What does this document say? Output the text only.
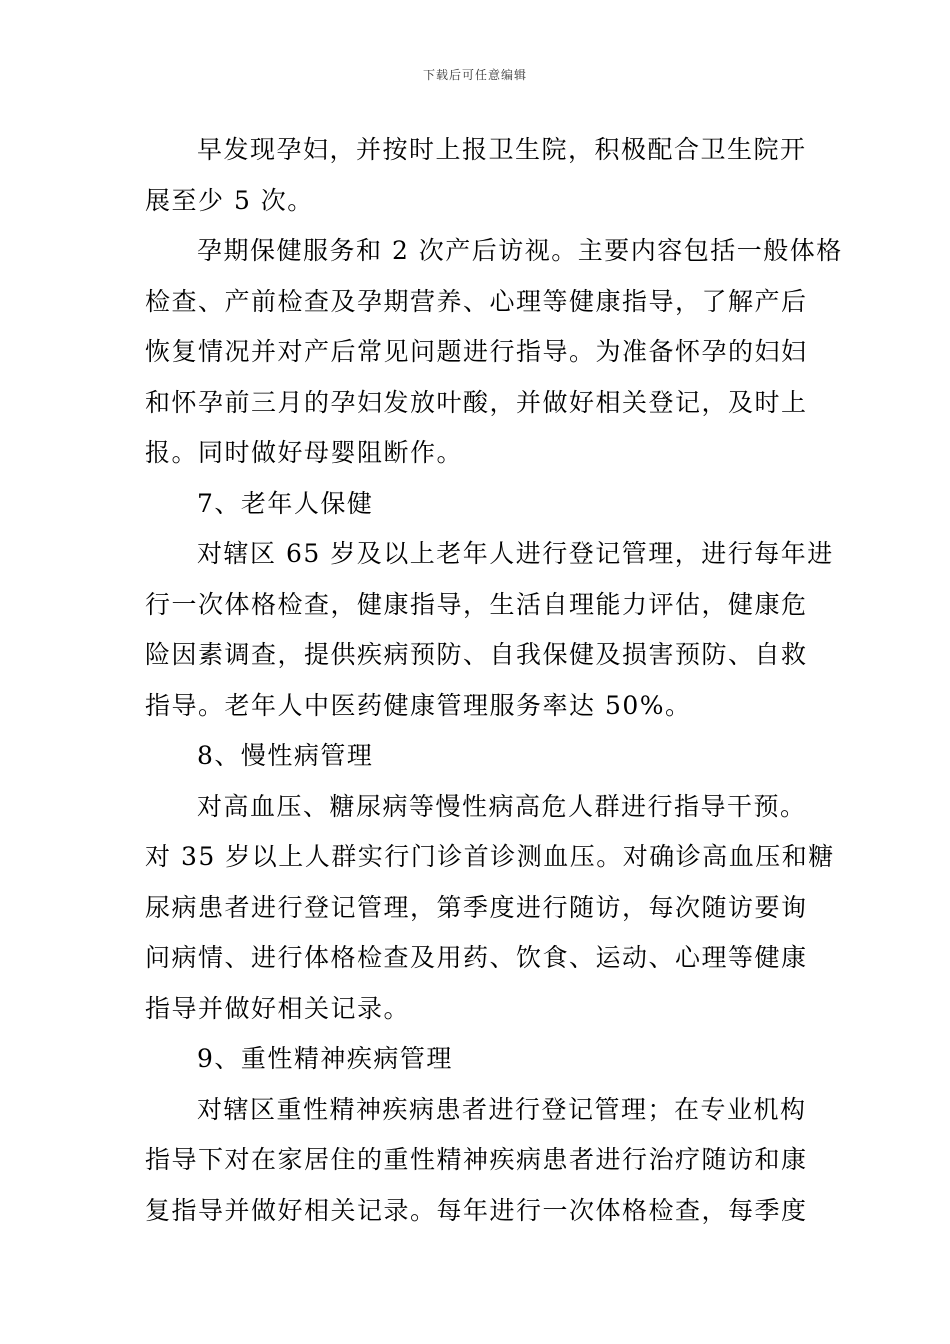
下载后可任意编辑
早发现孕妇，并按时上报卫生院，积极配合卫生院开
展至少 5 次。
孕期保健服务和 2 次产后访视。主要内容包括一般体格
检查、产前检查及孕期营养、心理等健康指导，了解产后
恢复情况并对产后常见问题进行指导。为准备怀孕的妇妇
和怀孕前三月的孕妇发放叶酸，并做好相关登记，及时上
报。同时做好母婴阻断作。
7、老年人保健
对辖区 65 岁及以上老年人进行登记管理，进行每年进
行一次体格检查，健康指导，生活自理能力评估，健康危
险因素调查，提供疾病预防、自我保健及损害预防、自救
指导。老年人中医药健康管理服务率达 50%。
8、慢性病管理
对高血压、糖尿病等慢性病高危人群进行指导干预。
对 35 岁以上人群实行门诊首诊测血压。对确诊高血压和糖
尿病患者进行登记管理，第季度进行随访，每次随访要询
问病情、进行体格检查及用药、饮食、运动、心理等健康
指导并做好相关记录。
9、重性精神疾病管理
对辖区重性精神疾病患者进行登记管理；在专业机构
指导下对在家居住的重性精神疾病患者进行治疗随访和康
复指导并做好相关记录。每年进行一次体格检查，每季度
